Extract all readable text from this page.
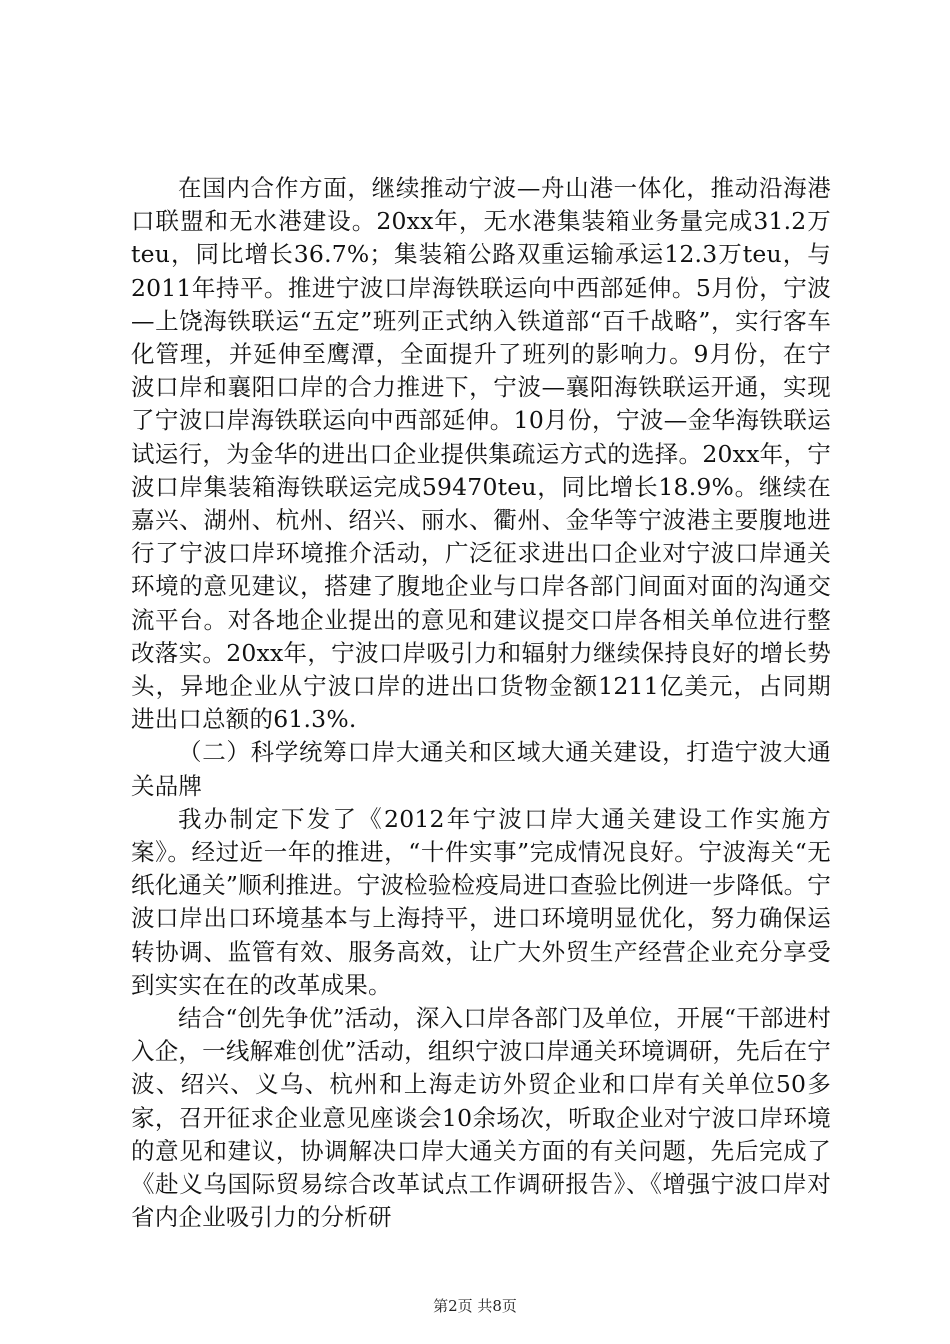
在国内合作方面，继续推动宁波—舟山港一体化，推动沿海港口联盟和无水港建设。20xx年，无水港集装箱业务量完成31.2万teu，同比增长36.7%；集装箱公路双重运输承运12.3万teu，与2011年持平。推进宁波口岸海铁联运向中西部延伸。5月份，宁波—上饶海铁联运“五定”班列正式纳入铁道部“百千战略”，实行客车化管理，并延伸至鹰潭，全面提升了班列的影响力。9月份，在宁波口岸和襄阳口岸的合力推进下，宁波—襄阳海铁联运开通，实现了宁波口岸海铁联运向中西部延伸。10月份，宁波—金华海铁联运试运行，为金华的进出口企业提供集疏运方式的选择。20xx年，宁波口岸集装箱海铁联运完成59470teu，同比增长18.9%。继续在嘉兴、湖州、杭州、绍兴、丽水、衢州、金华等宁波港主要腹地进行了宁波口岸环境推介活动，广泛征求进出口企业对宁波口岸通关环境的意见建议，搭建了腹地企业与口岸各部门间面对面的沟通交流平台。对各地企业提出的意见和建议提交口岸各相关单位进行整改落实。20xx年，宁波口岸吸引力和辐射力继续保持良好的增长势头，异地企业从宁波口岸的进出口货物金额1211亿美元，占同期进出口总额的61.3%.

（二）科学统筹口岸大通关和区域大通关建设，打造宁波大通关品牌

我办制定下发了《2012年宁波口岸大通关建设工作实施方案》。经过近一年的推进，“十件实事”完成情况良好。宁波海关“无纸化通关”顺利推进。宁波检验检疫局进口查验比例进一步降低。宁波口岸出口环境基本与上海持平，进口环境明显优化，努力确保运转协调、监管有效、服务高效，让广大外贸生产经营企业充分享受到实实在在的改革成果。

结合“创先争优”活动，深入口岸各部门及单位，开展“干部进村入企，一线解难创优”活动，组织宁波口岸通关环境调研，先后在宁波、绍兴、义乌、杭州和上海走访外贸企业和口岸有关单位50多家，召开征求企业意见座谈会10余场次，听取企业对宁波口岸环境的意见和建议，协调解决口岸大通关方面的有关问题，先后完成了《赴义乌国际贸易综合改革试点工作调研报告》、《增强宁波口岸对省内企业吸引力的分析研

第2页 共8页
